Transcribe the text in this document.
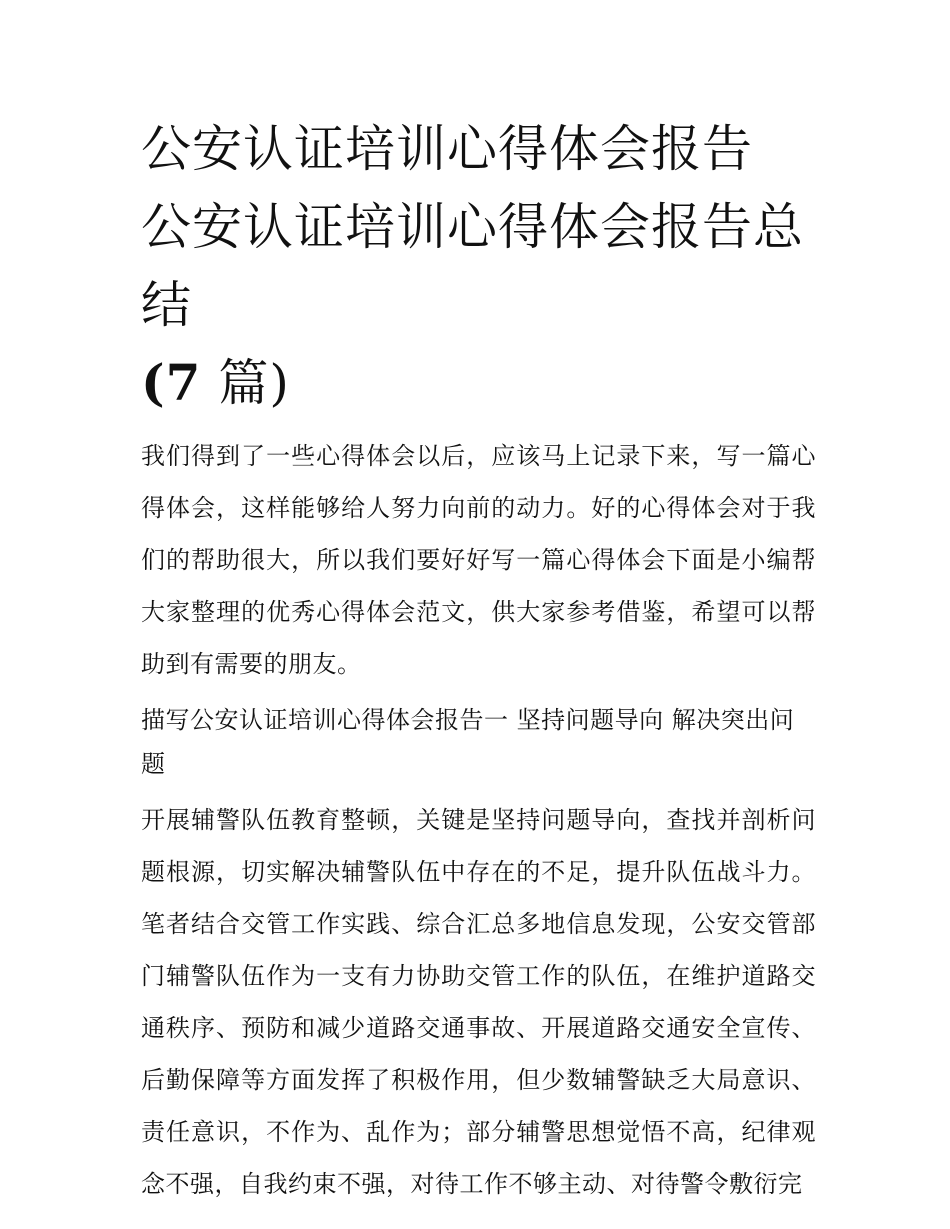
公安认证培训心得体会报告 公安认证培训心得体会报告总结
(7 篇)

我们得到了一些心得体会以后，应该马上记录下来，写一篇心得体会，这样能够给人努力向前的动力。好的心得体会对于我们的帮助很大，所以我们要好好写一篇心得体会下面是小编帮大家整理的优秀心得体会范文，供大家参考借鉴，希望可以帮助到有需要的朋友。

描写公安认证培训心得体会报告一 坚持问题导向 解决突出问题

开展辅警队伍教育整顿，关键是坚持问题导向，查找并剖析问题根源，切实解决辅警队伍中存在的不足，提升队伍战斗力。笔者结合交管工作实践、综合汇总多地信息发现，公安交管部门辅警队伍作为一支有力协助交管工作的队伍，在维护道路交通秩序、预防和减少道路交通事故、开展道路交通安全宣传、后勤保障等方面发挥了积极作用，但少数辅警缺乏大局意识、责任意识，不作为、乱作为；部分辅警思想觉悟不高，纪律观念不强，自我约束不强，对待工作不够主动、对待警令敷衍完
